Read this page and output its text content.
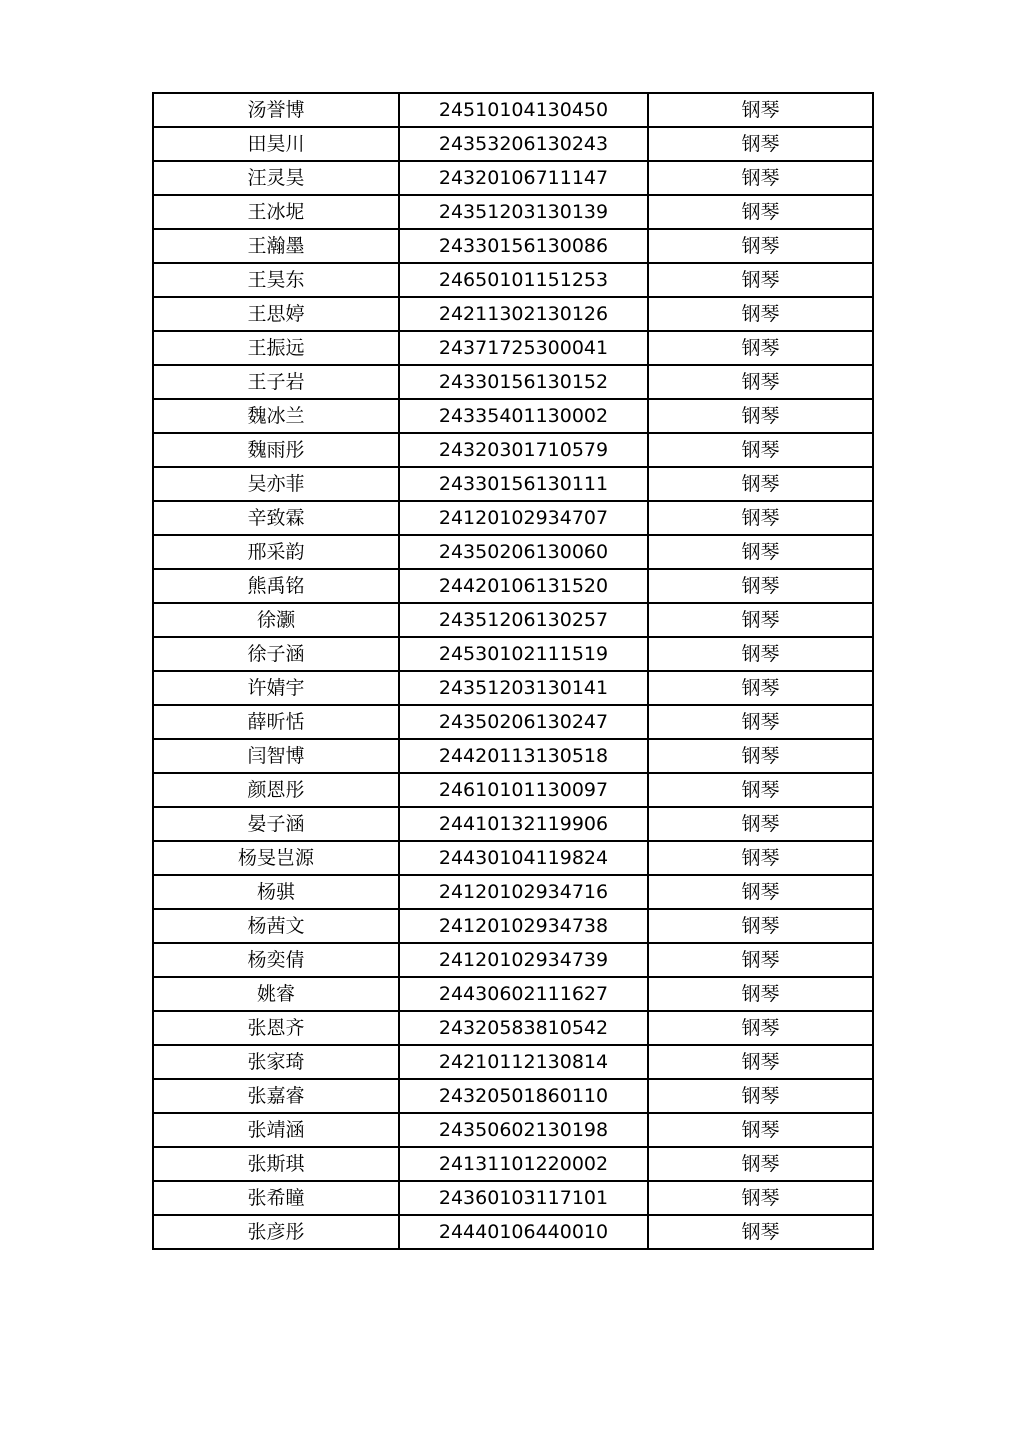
汤誉博	24510104130450	钢琴
田昊川	24353206130243	钢琴
汪灵昊	24320106711147	钢琴
王冰坭	24351203130139	钢琴
王瀚墨	24330156130086	钢琴
王昊东	24650101151253	钢琴
王思婷	24211302130126	钢琴
王振远	24371725300041	钢琴
王子岩	24330156130152	钢琴
魏冰兰	24335401130002	钢琴
魏雨彤	24320301710579	钢琴
吴亦菲	24330156130111	钢琴
辛致霖	24120102934707	钢琴
邢采韵	24350206130060	钢琴
熊禹铭	24420106131520	钢琴
徐灏	24351206130257	钢琴
徐子涵	24530102111519	钢琴
许婧宇	24351203130141	钢琴
薛昕恬	24350206130247	钢琴
闫智博	24420113130518	钢琴
颜恩彤	24610101130097	钢琴
晏子涵	24410132119906	钢琴
杨旻岂源	24430104119824	钢琴
杨骐	24120102934716	钢琴
杨茜文	24120102934738	钢琴
杨奕倩	24120102934739	钢琴
姚睿	24430602111627	钢琴
张恩齐	24320583810542	钢琴
张家琦	24210112130814	钢琴
张嘉睿	24320501860110	钢琴
张靖涵	24350602130198	钢琴
张斯琪	24131101220002	钢琴
张希瞳	24360103117101	钢琴
张彦彤	24440106440010	钢琴
